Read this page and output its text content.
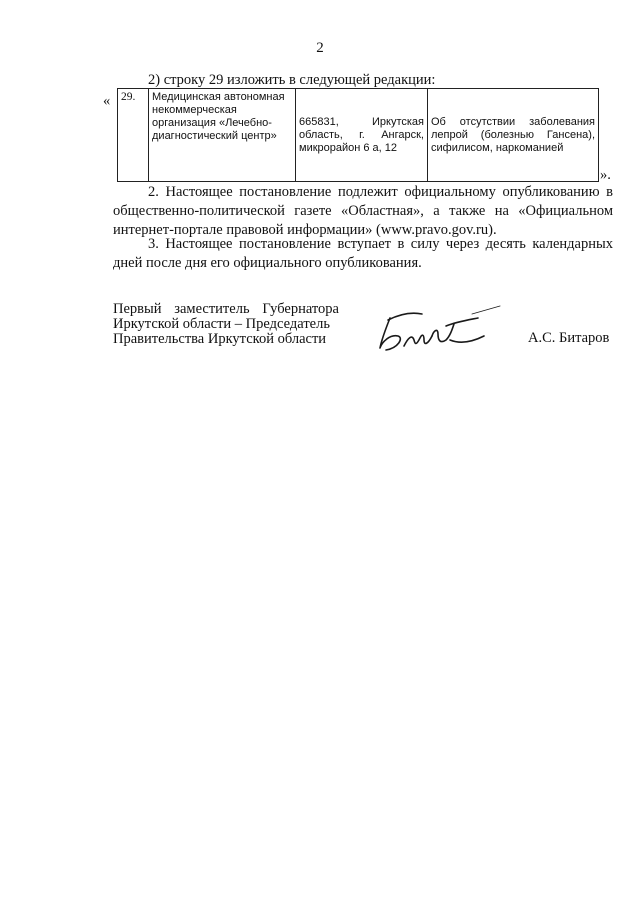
2
2) строку 29 изложить в следующей редакции:
« 29.	Медицинская автономная некоммерческая организация «Лечебно-диагностический центр»	665831, Иркутская область, г. Ангарск, микрорайон 6 а, 12	Об отсутствии заболевания лепрой (болезнью Гансена), сифилисом, наркоманией
».
2. Настоящее постановление подлежит официальному опубликованию в общественно-политической газете «Областная», а также на «Официальном интернет-портале правовой информации» (www.pravo.gov.ru).
3. Настоящее постановление вступает в силу через десять календарных дней после дня его официального опубликования.
Первый заместитель Губернатора
Иркутской области – Председатель
Правительства Иркутской области	А.С. Битаров
